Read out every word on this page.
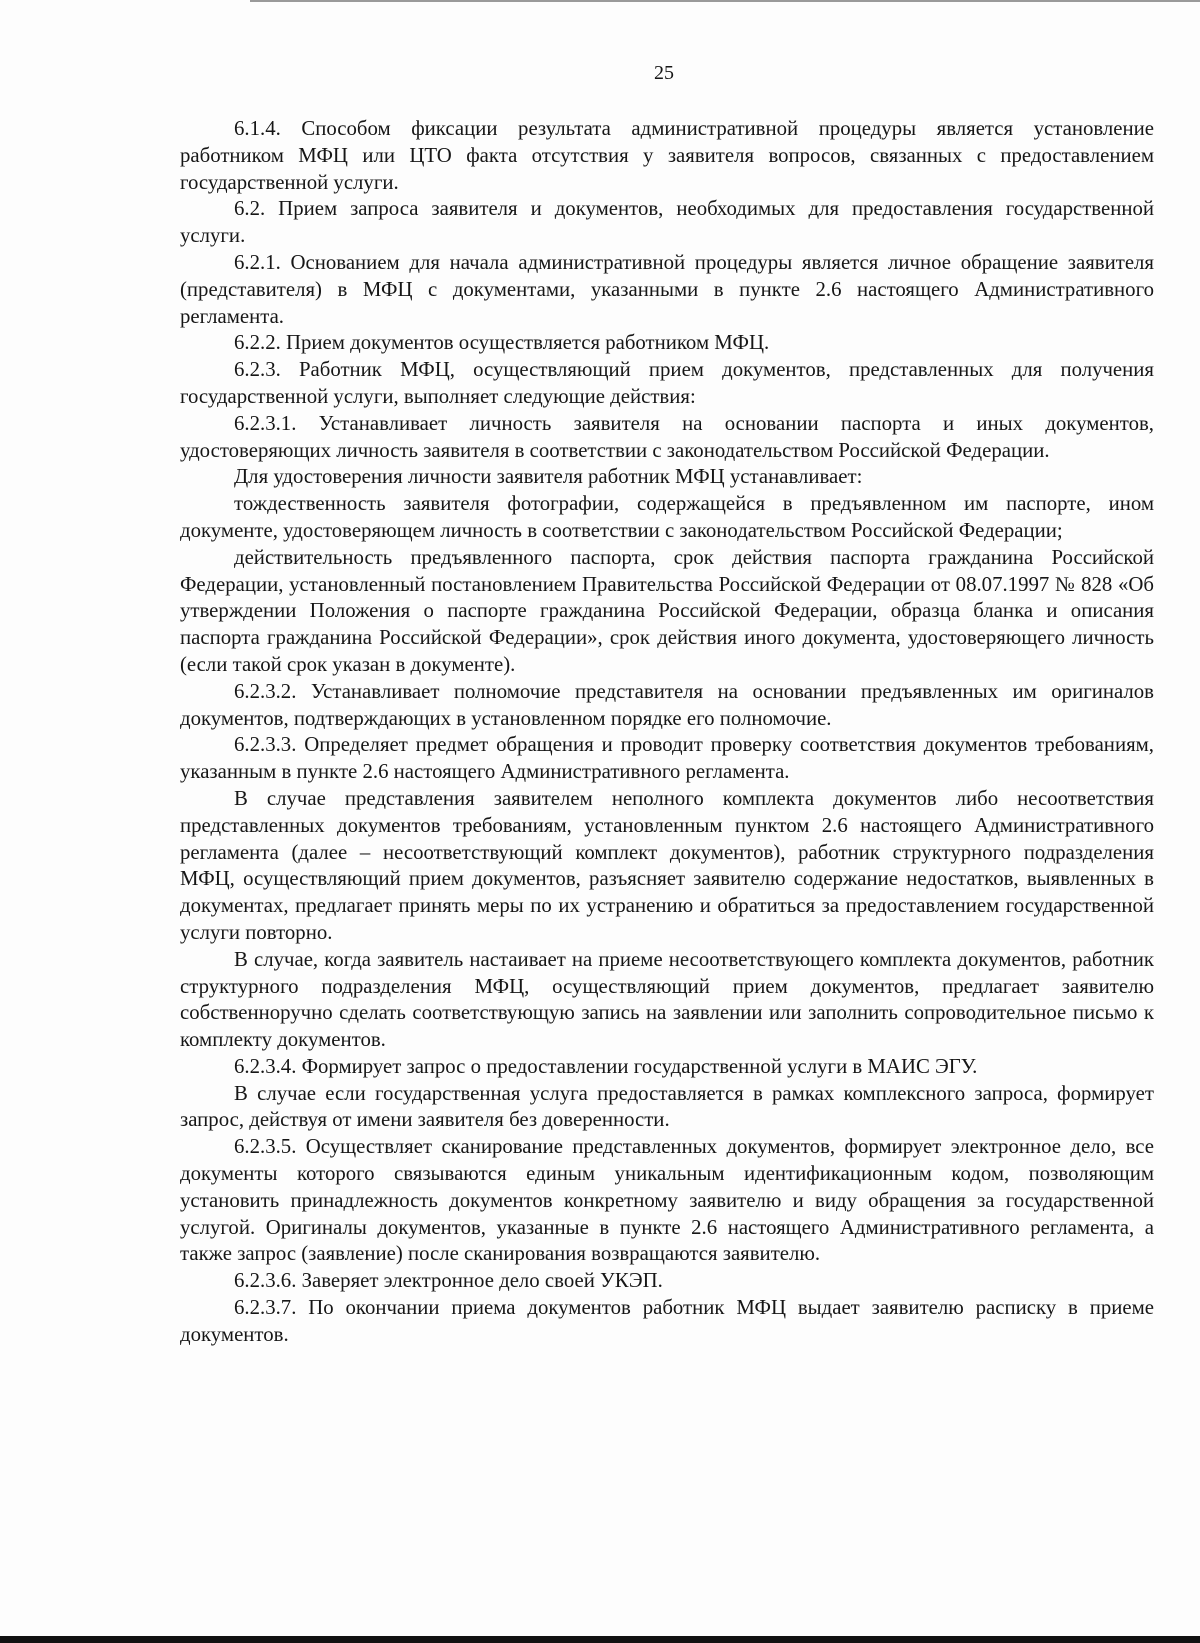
25

6.1.4. Способом фиксации результата административной процедуры является установление работником МФЦ или ЦТО факта отсутствия у заявителя вопросов, связанных с предоставлением государственной услуги.

6.2. Прием запроса заявителя и документов, необходимых для предоставления государственной услуги.

6.2.1. Основанием для начала административной процедуры является личное обращение заявителя (представителя) в МФЦ с документами, указанными в пункте 2.6 настоящего Административного регламента.

6.2.2. Прием документов осуществляется работником МФЦ.

6.2.3. Работник МФЦ, осуществляющий прием документов, представленных для получения государственной услуги, выполняет следующие действия:

6.2.3.1. Устанавливает личность заявителя на основании паспорта и иных документов, удостоверяющих личность заявителя в соответствии с законодательством Российской Федерации.

Для удостоверения личности заявителя работник МФЦ устанавливает:

тождественность заявителя фотографии, содержащейся в предъявленном им паспорте, ином документе, удостоверяющем личность в соответствии с законодательством Российской Федерации;

действительность предъявленного паспорта, срок действия паспорта гражданина Российской Федерации, установленный постановлением Правительства Российской Федерации от 08.07.1997 № 828 «Об утверждении Положения о паспорте гражданина Российской Федерации, образца бланка и описания паспорта гражданина Российской Федерации», срок действия иного документа, удостоверяющего личность (если такой срок указан в документе).

6.2.3.2. Устанавливает полномочие представителя на основании предъявленных им оригиналов документов, подтверждающих в установленном порядке его полномочие.

6.2.3.3. Определяет предмет обращения и проводит проверку соответствия документов требованиям, указанным в пункте 2.6 настоящего Административного регламента.

В случае представления заявителем неполного комплекта документов либо несоответствия представленных документов требованиям, установленным пунктом 2.6 настоящего Административного регламента (далее – несоответствующий комплект документов), работник структурного подразделения МФЦ, осуществляющий прием документов, разъясняет заявителю содержание недостатков, выявленных в документах, предлагает принять меры по их устранению и обратиться за предоставлением государственной услуги повторно.

В случае, когда заявитель настаивает на приеме несоответствующего комплекта документов, работник структурного подразделения МФЦ, осуществляющий прием документов, предлагает заявителю собственноручно сделать соответствующую запись на заявлении или заполнить сопроводительное письмо к комплекту документов.

6.2.3.4. Формирует запрос о предоставлении государственной услуги в МАИС ЭГУ.

В случае если государственная услуга предоставляется в рамках комплексного запроса, формирует запрос, действуя от имени заявителя без доверенности.

6.2.3.5. Осуществляет сканирование представленных документов, формирует электронное дело, все документы которого связываются единым уникальным идентификационным кодом, позволяющим установить принадлежность документов конкретному заявителю и виду обращения за государственной услугой. Оригиналы документов, указанные в пункте 2.6 настоящего Административного регламента, а также запрос (заявление) после сканирования возвращаются заявителю.

6.2.3.6. Заверяет электронное дело своей УКЭП.

6.2.3.7. По окончании приема документов работник МФЦ выдает заявителю расписку в приеме документов.
